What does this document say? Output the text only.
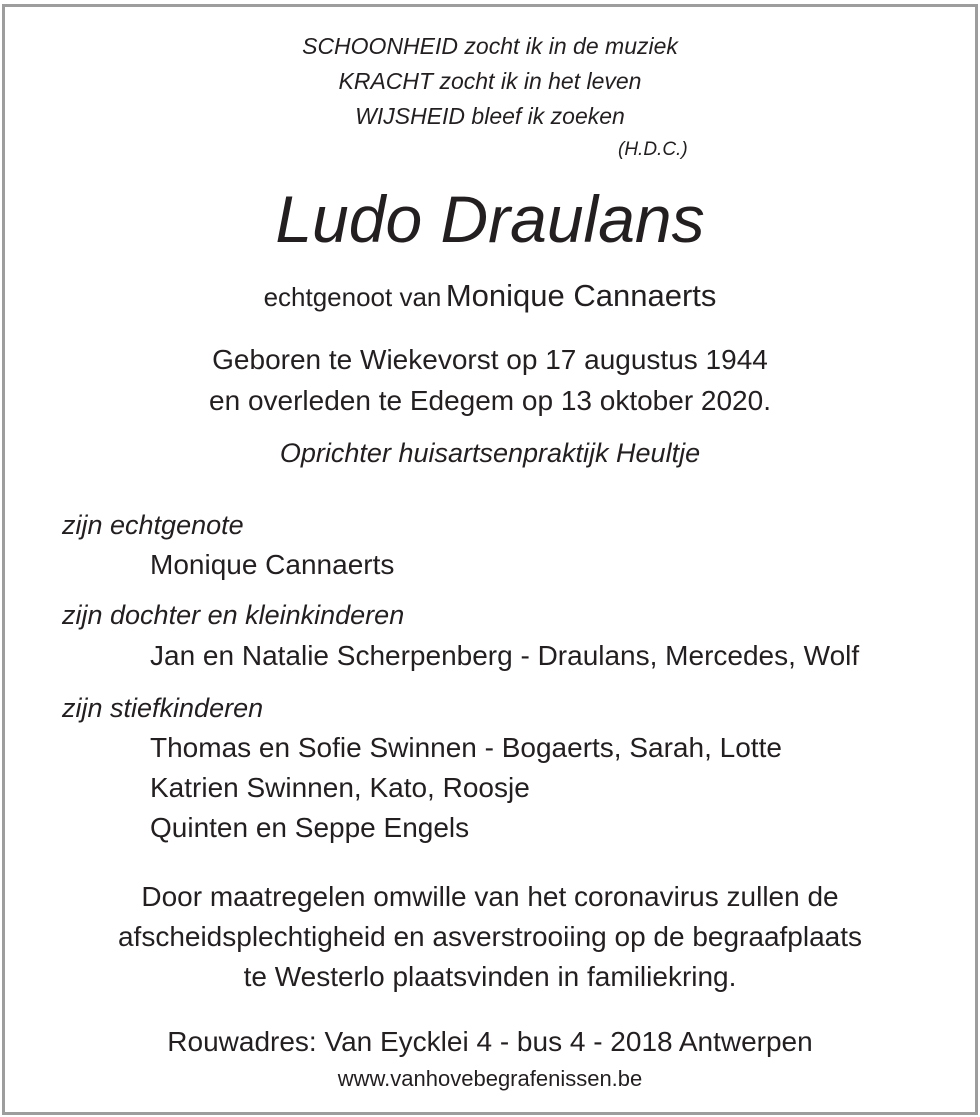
SCHOONHEID zocht ik in de muziek
KRACHT zocht ik in het leven
WIJSHEID bleef ik zoeken
(H.D.C.)
Ludo Draulans
echtgenoot van Monique Cannaerts
Geboren te Wiekevorst op 17 augustus 1944
en overleden te Edegem op 13 oktober 2020.
Oprichter huisartsenpraktijk Heultje
zijn echtgenote
Monique Cannaerts
zijn dochter en kleinkinderen
Jan en Natalie Scherpenberg - Draulans, Mercedes, Wolf
zijn stiefkinderen
Thomas en Sofie Swinnen - Bogaerts, Sarah, Lotte
Katrien Swinnen, Kato, Roosje
Quinten en Seppe Engels
Door maatregelen omwille van het coronavirus zullen de
afscheidsplechtigheid en asverstrooiing op de begraafplaats
te Westerlo plaatsvinden in familiekring.
Rouwadres: Van Eycklei 4 - bus 4 - 2018 Antwerpen
www.vanhovebegrafenissen.be
